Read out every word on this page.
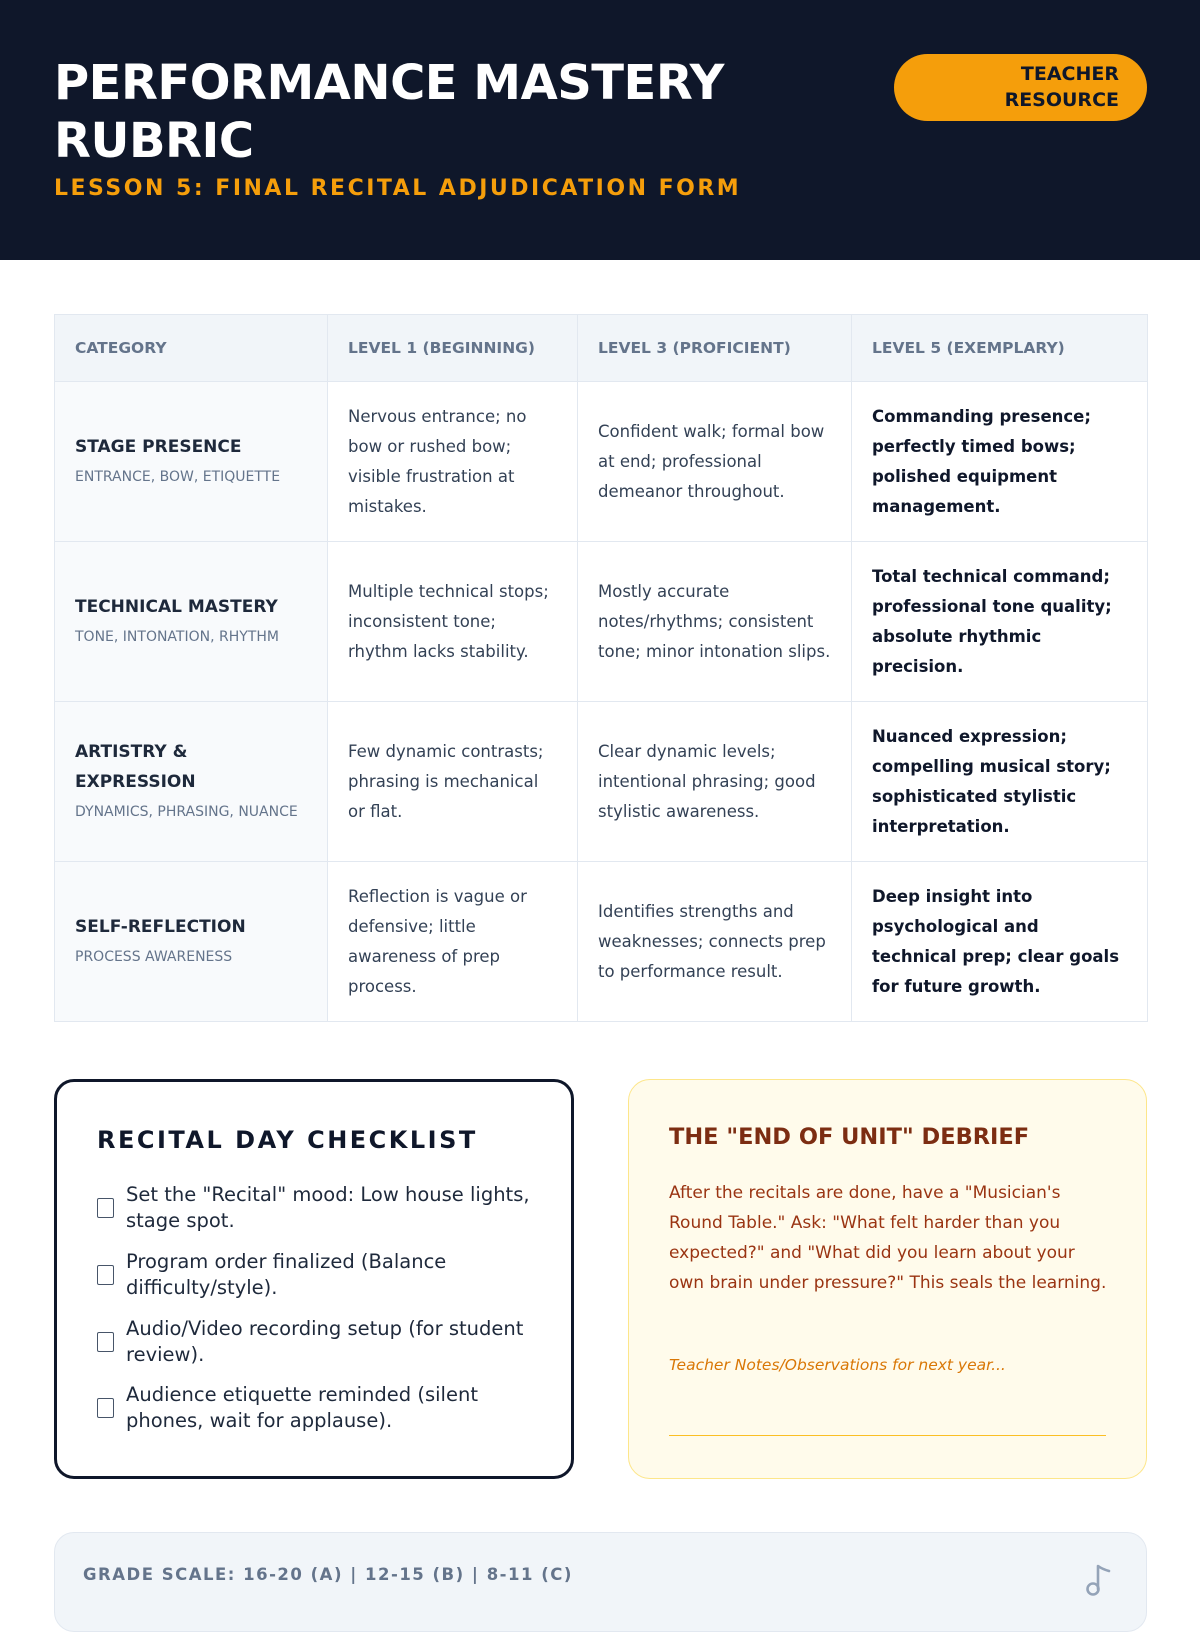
PERFORMANCE MASTERY
RUBRIC
LESSON 5: FINAL RECITAL ADJUDICATION FORM
TEACHER
RESOURCE
CATEGORY	LEVEL 1 (BEGINNING)	LEVEL 3 (PROFICIENT)	LEVEL 5 (EXEMPLARY)

STAGE PRESENCE
ENTRANCE, BOW, ETIQUETTE	Nervous entrance; no bow or rushed bow; visible frustration at mistakes.	Confident walk; formal bow at end; professional demeanor throughout.	Commanding presence; perfectly timed bows; polished equipment management.

TECHNICAL MASTERY
TONE, INTONATION, RHYTHM	Multiple technical stops; inconsistent tone; rhythm lacks stability.	Mostly accurate notes/rhythms; consistent tone; minor intonation slips.	Total technical command; professional tone quality; absolute rhythmic precision.

ARTISTRY & EXPRESSION
DYNAMICS, PHRASING, NUANCE	Few dynamic contrasts; phrasing is mechanical or flat.	Clear dynamic levels; intentional phrasing; good stylistic awareness.	Nuanced expression; compelling musical story; sophisticated stylistic interpretation.

SELF-REFLECTION
PROCESS AWARENESS	Reflection is vague or defensive; little awareness of prep process.	Identifies strengths and weaknesses; connects prep to performance result.	Deep insight into psychological and technical prep; clear goals for future growth.
RECITAL DAY CHECKLIST
Set the "Recital" mood: Low house lights, stage spot.
Program order finalized (Balance difficulty/style).
Audio/Video recording setup (for student review).
Audience etiquette reminded (silent phones, wait for applause).
THE "END OF UNIT" DEBRIEF

After the recitals are done, have a "Musician's Round Table." Ask: "What felt harder than you expected?" and "What did you learn about your own brain under pressure?" This seals the learning.

Teacher Notes/Observations for next year...
GRADE SCALE: 16-20 (A) | 12-15 (B) | 8-11 (C)
